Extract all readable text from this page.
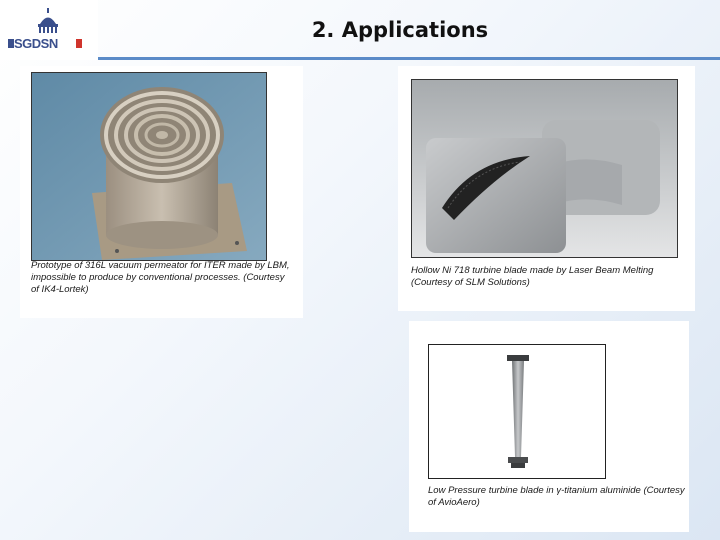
SGDSN
2. Applications

Prototype of 316L vacuum permeator for ITER made by LBM, impossible to produce by conventional processes. (Courtesy of IK4-Lortek)

Hollow Ni 718 turbine blade made by Laser Beam Melting (Courtesy of SLM Solutions)

Low Pressure turbine blade in γ-titanium aluminide (Courtesy of AvioAero)
